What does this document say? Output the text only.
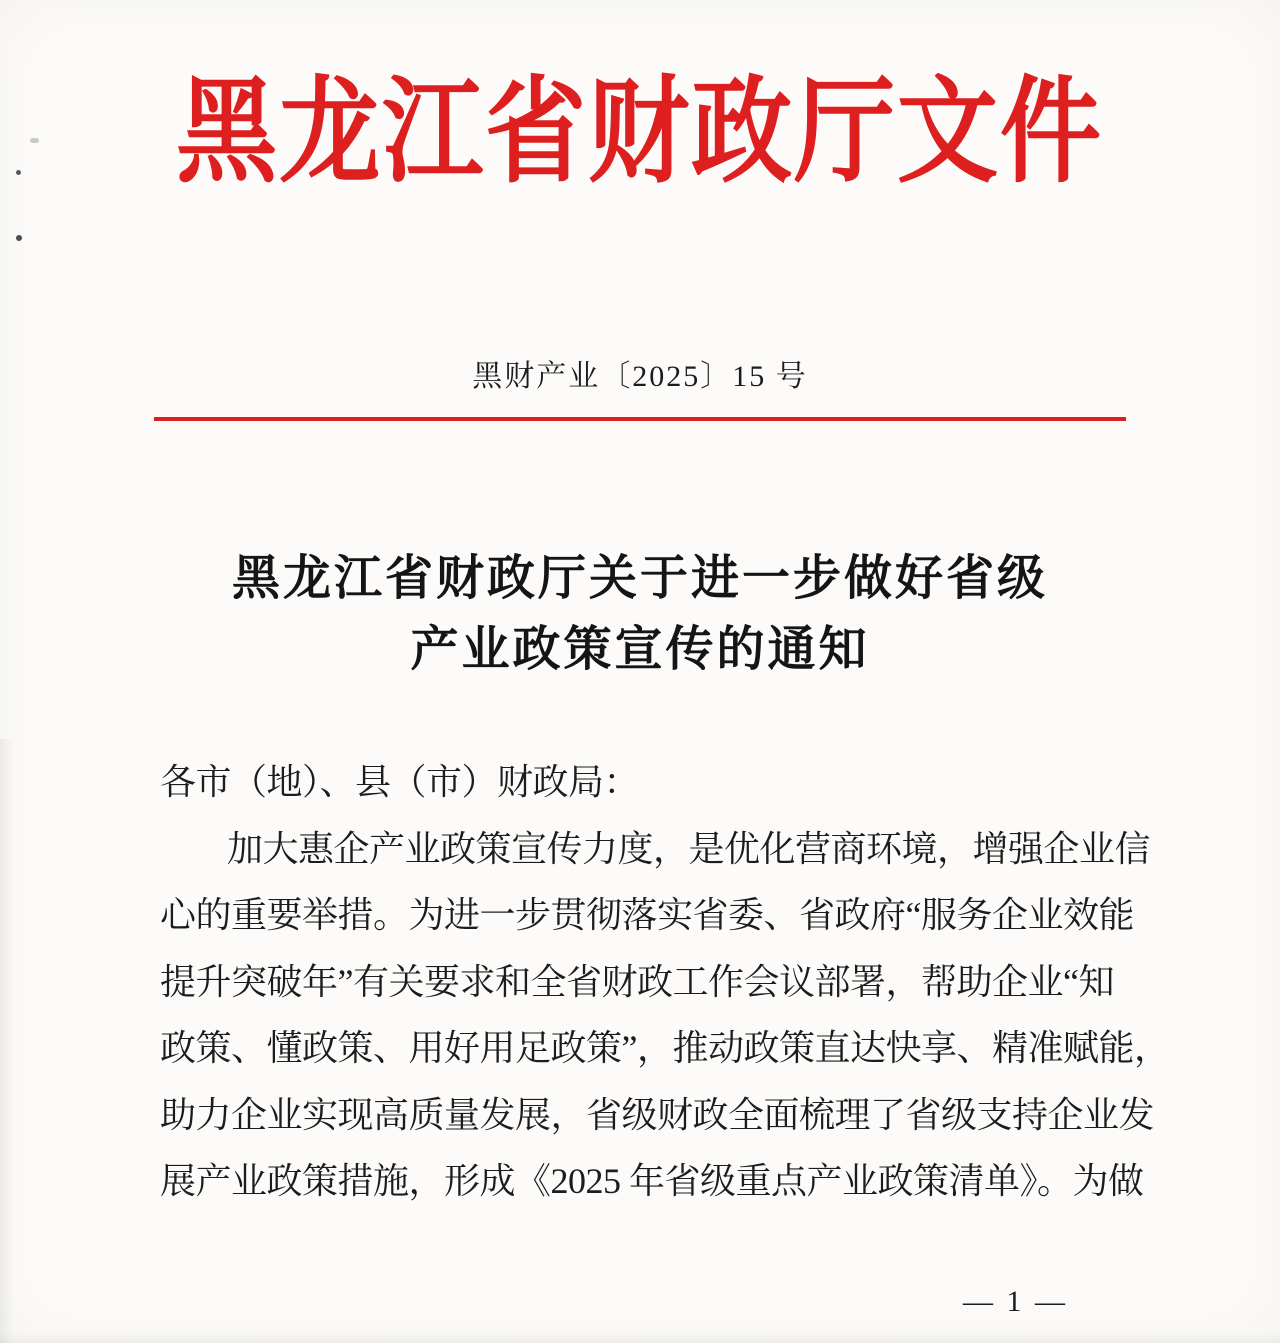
黑龙江省财政厅文件
黑财产业〔2025〕15 号
黑龙江省财政厅关于进一步做好省级
产业政策宣传的通知
各市（地）、县（市）财政局：
加大惠企产业政策宣传力度，是优化营商环境，增强企业信
心的重要举措。为进一步贯彻落实省委、省政府“服务企业效能
提升突破年”有关要求和全省财政工作会议部署，帮助企业“知
政策、懂政策、用好用足政策”，推动政策直达快享、精准赋能，
助力企业实现高质量发展，省级财政全面梳理了省级支持企业发
展产业政策措施，形成《2025 年省级重点产业政策清单》。为做
— 1 —
